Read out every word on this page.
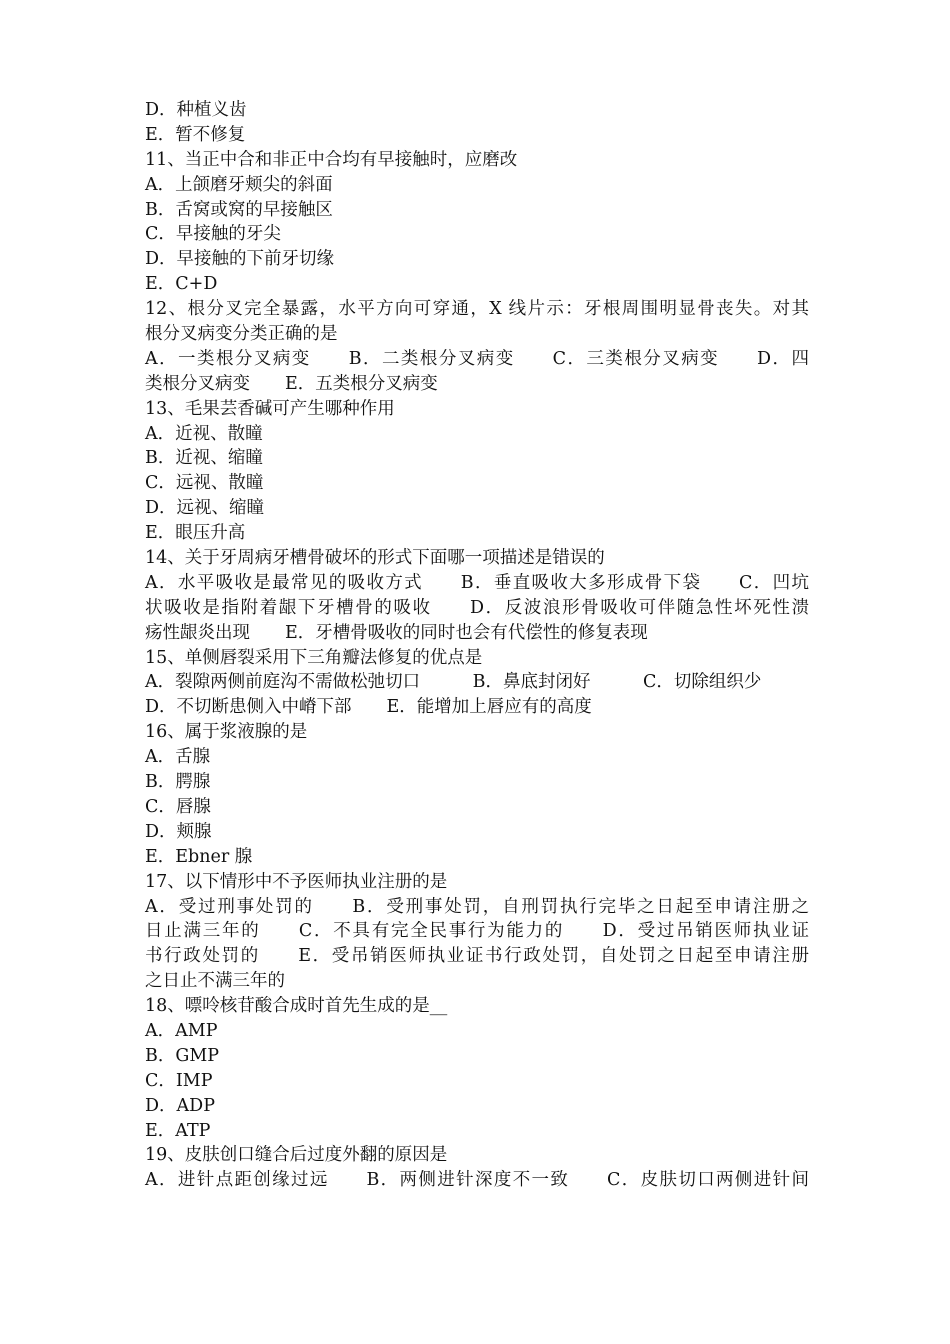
D．种植义齿
E．暂不修复
11、当正中合和非正中合均有早接触时，应磨改
A．上颌磨牙颊尖的斜面
B．舌窝或窝的早接触区
C．早接触的牙尖
D．早接触的下前牙切缘
E．C+D
12、根分叉完全暴露，水平方向可穿通，X 线片示：牙根周围明显骨丧失。对其
根分叉病变分类正确的是
A．一类根分叉病变　　B．二类根分叉病变　　C．三类根分叉病变　　D．四
类根分叉病变　　E．五类根分叉病变
13、毛果芸香碱可产生哪种作用
A．近视、散瞳
B．近视、缩瞳
C．远视、散瞳
D．远视、缩瞳
E．眼压升高
14、关于牙周病牙槽骨破坏的形式下面哪一项描述是错误的
A．水平吸收是最常见的吸收方式　　B．垂直吸收大多形成骨下袋　　C．凹坑
状吸收是指附着龈下牙槽骨的吸收　　D．反波浪形骨吸收可伴随急性坏死性溃
疡性龈炎出现　　E．牙槽骨吸收的同时也会有代偿性的修复表现
15、单侧唇裂采用下三角瓣法修复的优点是
A．裂隙两侧前庭沟不需做松弛切口　　　B．鼻底封闭好　　　C．切除组织少
D．不切断患侧入中嵴下部　　E．能增加上唇应有的高度
16、属于浆液腺的是
A．舌腺
B．腭腺
C．唇腺
D．颊腺
E．Ebner 腺
17、以下情形中不予医师执业注册的是
A．受过刑事处罚的　　B．受刑事处罚，自刑罚执行完毕之日起至申请注册之
日止满三年的　　C．不具有完全民事行为能力的　　D．受过吊销医师执业证
书行政处罚的　　E．受吊销医师执业证书行政处罚，自处罚之日起至申请注册
之日止不满三年的
18、嘌呤核苷酸合成时首先生成的是__
A．AMP
B．GMP
C．IMP
D．ADP
E．ATP
19、皮肤创口缝合后过度外翻的原因是
A．进针点距创缘过远　　B．两侧进针深度不一致　　C．皮肤切口两侧进针间
